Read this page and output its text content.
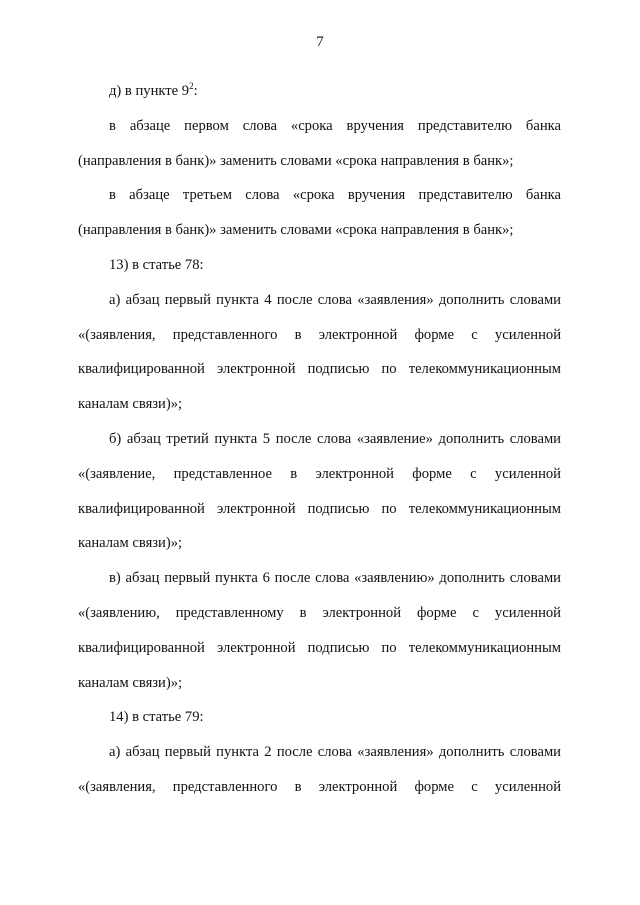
7

д) в пункте $9^2$:

в абзаце первом слова «срока вручения представителю банка (направления в банк)» заменить словами «срока направления в банк»;

в абзаце третьем слова «срока вручения представителю банка (направления в банк)» заменить словами «срока направления в банк»;

13) в статье 78:

а) абзац первый пункта 4 после слова «заявления» дополнить словами «(заявления, представленного в электронной форме с усиленной квалифицированной электронной подписью по телекоммуникационным каналам связи)»;

б) абзац третий пункта 5 после слова «заявление» дополнить словами «(заявление, представленное в электронной форме с усиленной квалифицированной электронной подписью по телекоммуникационным каналам связи)»;

в) абзац первый пункта 6 после слова «заявлению» дополнить словами «(заявлению, представленному в электронной форме с усиленной квалифицированной электронной подписью по телекоммуникационным каналам связи)»;

14) в статье 79:

а) абзац первый пункта 2 после слова «заявления» дополнить словами «(заявления, представленного в электронной форме с усиленной
